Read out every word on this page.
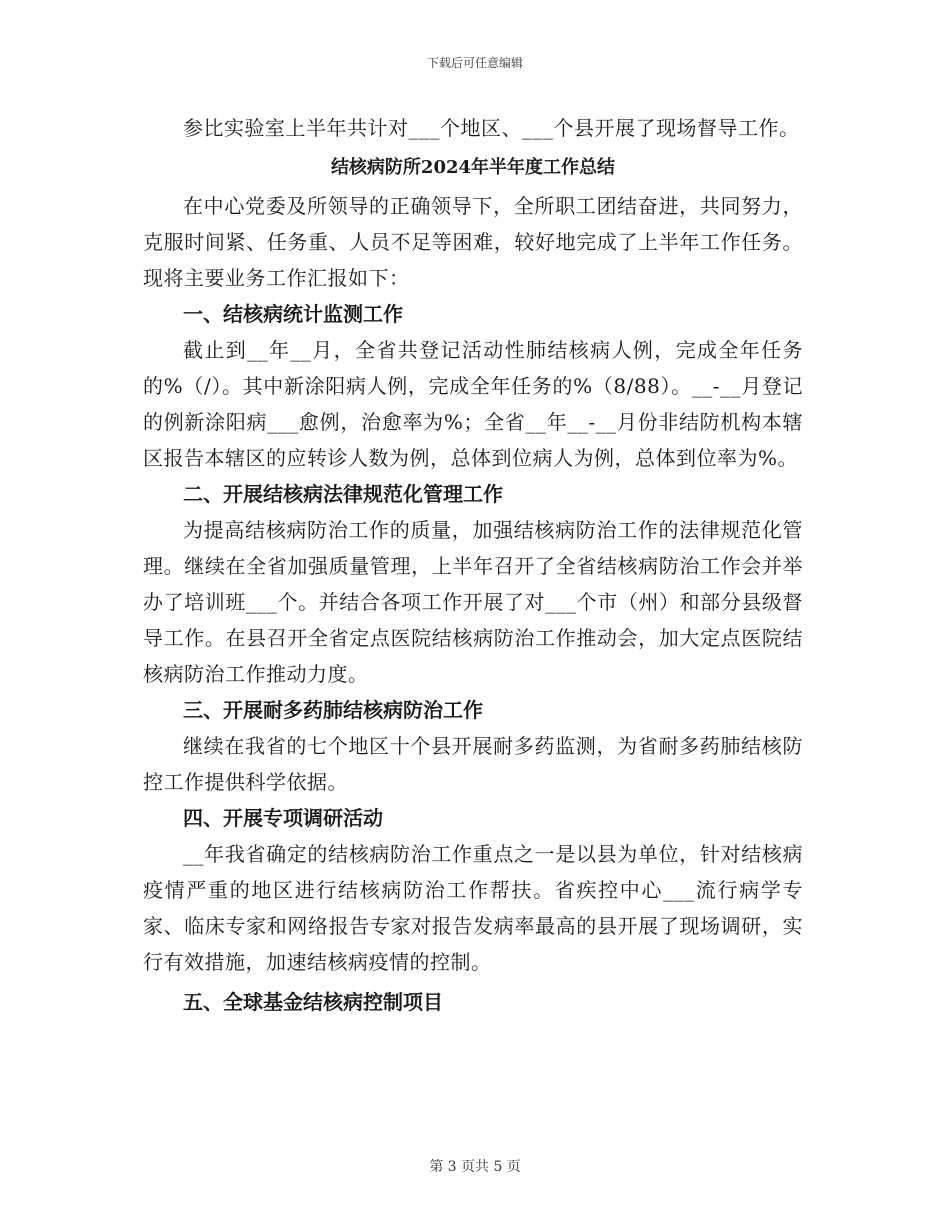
下载后可任意编辑

参比实验室上半年共计对___个地区、___个县开展了现场督导工作。

结核病防所2024年半年度工作总结

在中心党委及所领导的正确领导下，全所职工团结奋进，共同努力，克服时间紧、任务重、人员不足等困难，较好地完成了上半年工作任务。现将主要业务工作汇报如下：

一、结核病统计监测工作

截止到__年__月，全省共登记活动性肺结核病人例，完成全年任务的%（/）。其中新涂阳病人例，完成全年任务的%（8/88）。__-__月登记的例新涂阳病___愈例，治愈率为%；全省__年__-__月份非结防机构本辖区报告本辖区的应转诊人数为例，总体到位病人为例，总体到位率为%。

二、开展结核病法律规范化管理工作

为提高结核病防治工作的质量，加强结核病防治工作的法律规范化管理。继续在全省加强质量管理，上半年召开了全省结核病防治工作会并举办了培训班___个。并结合各项工作开展了对___个市（州）和部分县级督导工作。在县召开全省定点医院结核病防治工作推动会，加大定点医院结核病防治工作推动力度。

三、开展耐多药肺结核病防治工作

继续在我省的七个地区十个县开展耐多药监测，为省耐多药肺结核防控工作提供科学依据。

四、开展专项调研活动

__年我省确定的结核病防治工作重点之一是以县为单位，针对结核病疫情严重的地区进行结核病防治工作帮扶。省疾控中心___流行病学专家、临床专家和网络报告专家对报告发病率最高的县开展了现场调研，实行有效措施，加速结核病疫情的控制。

五、全球基金结核病控制项目
第 3 页共 5 页
